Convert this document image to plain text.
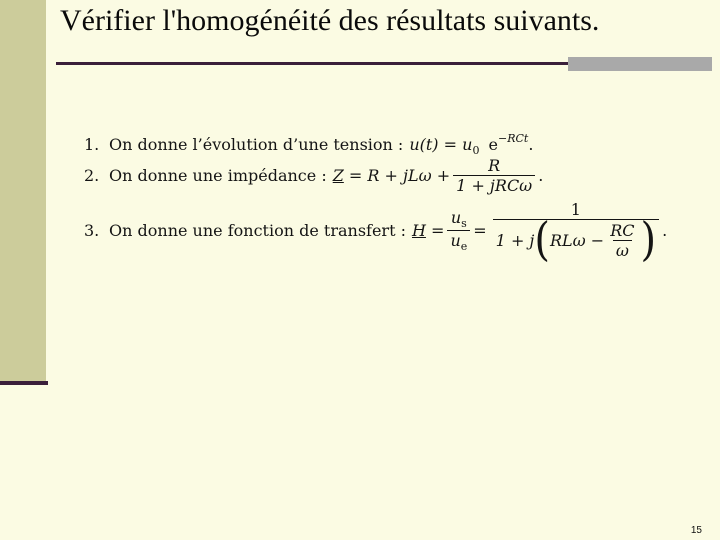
Vérifier l'homogénéité des résultats suivants.
1. On donne l’évolution d’une tension : $u(t) = u_0$ $e^{-RCt}$.
2. On donne une impédance : Z
= $R + jL\omega + \frac{R}{\text{1 + jRCω}}$ .
3. On donne une fonction de transfert : H
= $\frac{u_s}{u_e} = \frac{1}{1 + j ( RL\omega - \frac{RC}{\omega} )}$ .
15
